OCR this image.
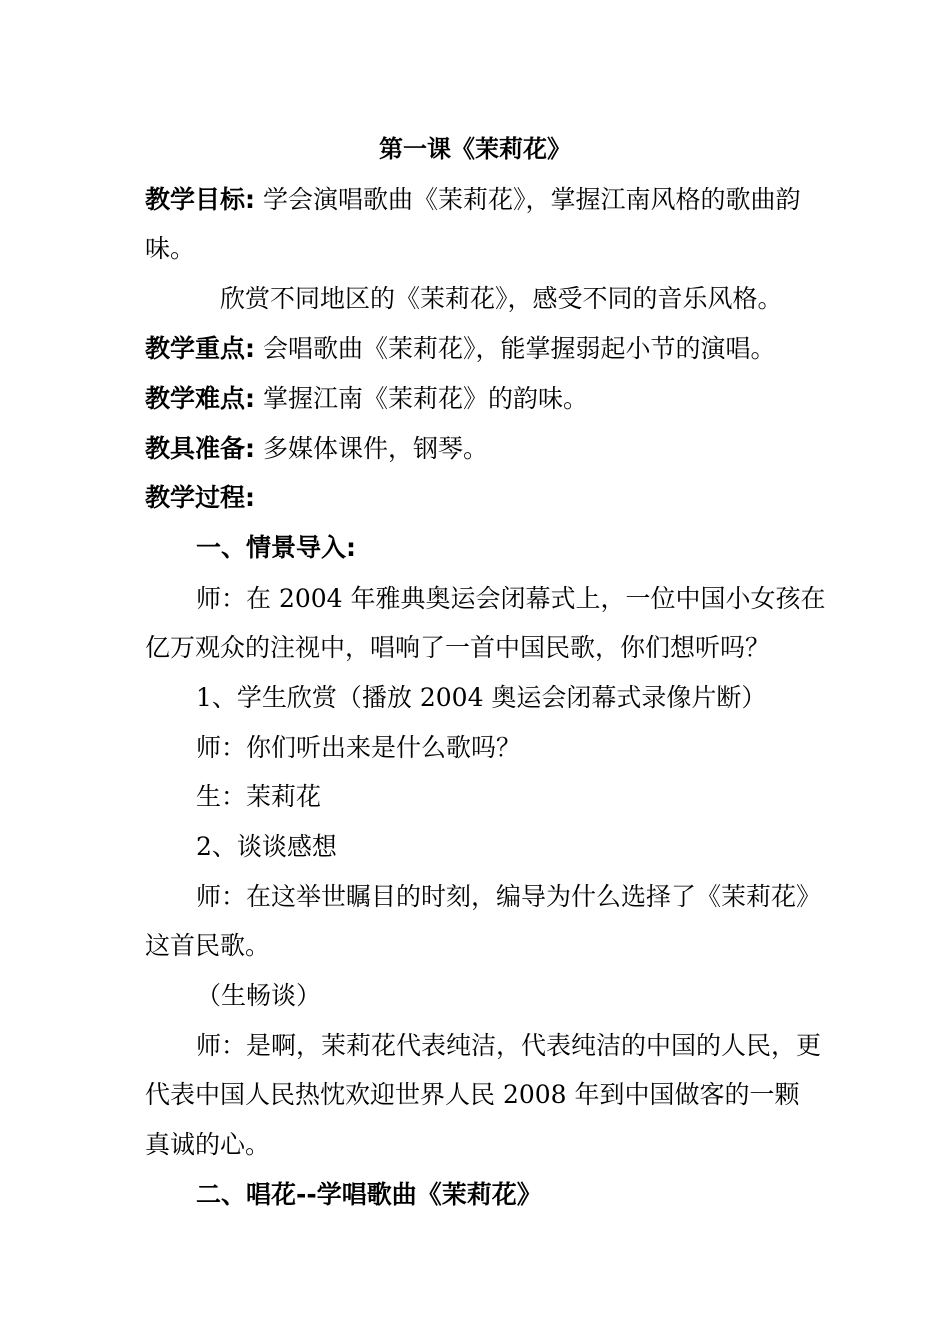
第一课《茉莉花》
教学目标: 学会演唱歌曲《茉莉花》，掌握江南风格的歌曲韵
味。
欣赏不同地区的《茉莉花》，感受不同的音乐风格。
教学重点: 会唱歌曲《茉莉花》，能掌握弱起小节的演唱。
教学难点: 掌握江南《茉莉花》的韵味。
教具准备: 多媒体课件，钢琴。
教学过程:
一、情景导入:
师：在 2004 年雅典奥运会闭幕式上，一位中国小女孩在
亿万观众的注视中，唱响了一首中国民歌，你们想听吗？
1、学生欣赏（播放 2004 奥运会闭幕式录像片断）
师：你们听出来是什么歌吗？
生：茉莉花
2、谈谈感想
师：在这举世瞩目的时刻，编导为什么选择了《茉莉花》
这首民歌。
（生畅谈）
师：是啊，茉莉花代表纯洁，代表纯洁的中国的人民，更
代表中国人民热忱欢迎世界人民 2008 年到中国做客的一颗
真诚的心。
二、唱花--学唱歌曲《茉莉花》
